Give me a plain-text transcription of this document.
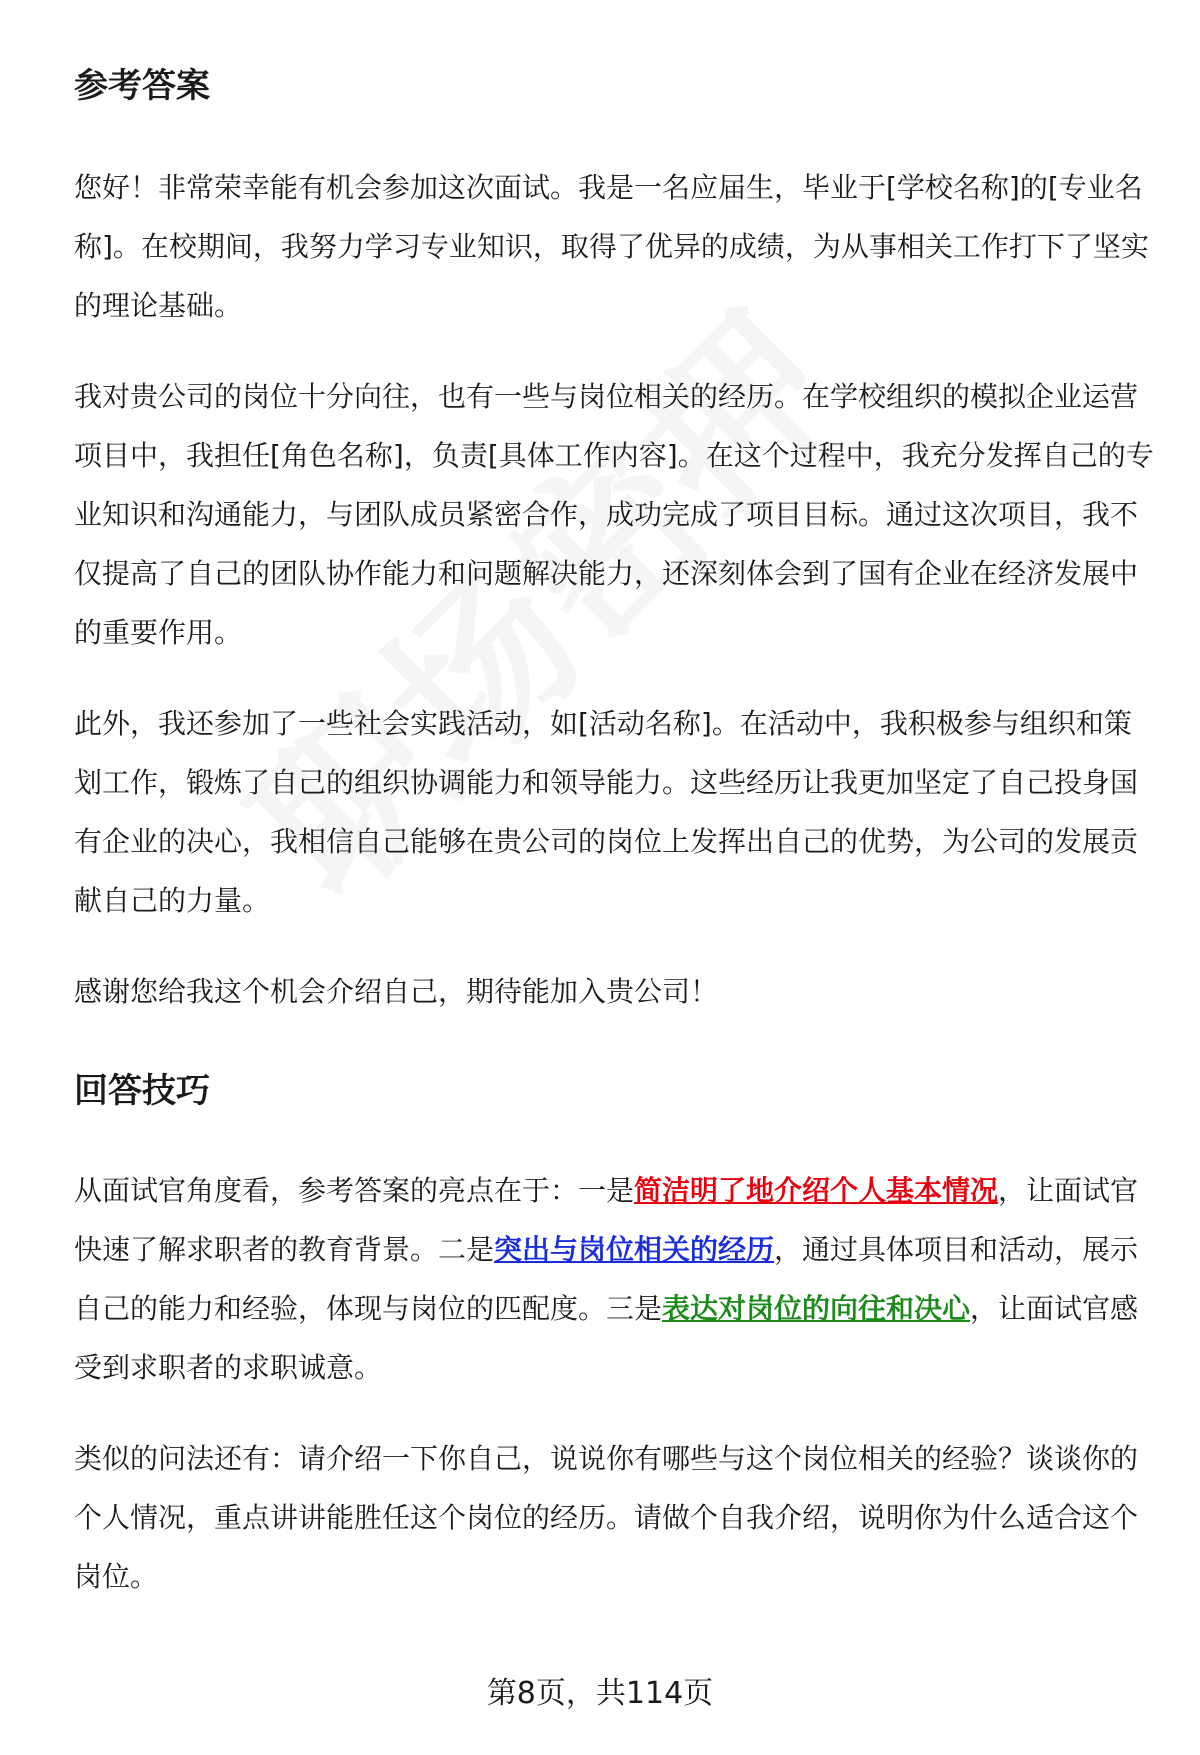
参考答案

您好！非常荣幸能有机会参加这次面试。我是一名应届生，毕业于[学校名称]的[专业名称]。在校期间，我努力学习专业知识，取得了优异的成绩，为从事相关工作打下了坚实的理论基础。

我对贵公司的岗位十分向往，也有一些与岗位相关的经历。在学校组织的模拟企业运营项目中，我担任[角色名称]，负责[具体工作内容]。在这个过程中，我充分发挥自己的专业知识和沟通能力，与团队成员紧密合作，成功完成了项目目标。通过这次项目，我不仅提高了自己的团队协作能力和问题解决能力，还深刻体会到了国有企业在经济发展中的重要作用。

此外，我还参加了一些社会实践活动，如[活动名称]。在活动中，我积极参与组织和策划工作，锻炼了自己的组织协调能力和领导能力。这些经历让我更加坚定了自己投身国有企业的决心，我相信自己能够在贵公司的岗位上发挥出自己的优势，为公司的发展贡献自己的力量。

感谢您给我这个机会介绍自己，期待能加入贵公司！

回答技巧

从面试官角度看，参考答案的亮点在于：一是简洁明了地介绍个人基本情况，让面试官快速了解求职者的教育背景。二是突出与岗位相关的经历，通过具体项目和活动，展示自己的能力和经验，体现与岗位的匹配度。三是表达对岗位的向往和决心，让面试官感受到求职者的求职诚意。

类似的问法还有：请介绍一下你自己，说说你有哪些与这个岗位相关的经验？谈谈你的个人情况，重点讲讲能胜任这个岗位的经历。请做个自我介绍，说明你为什么适合这个岗位。

第8页，共114页
